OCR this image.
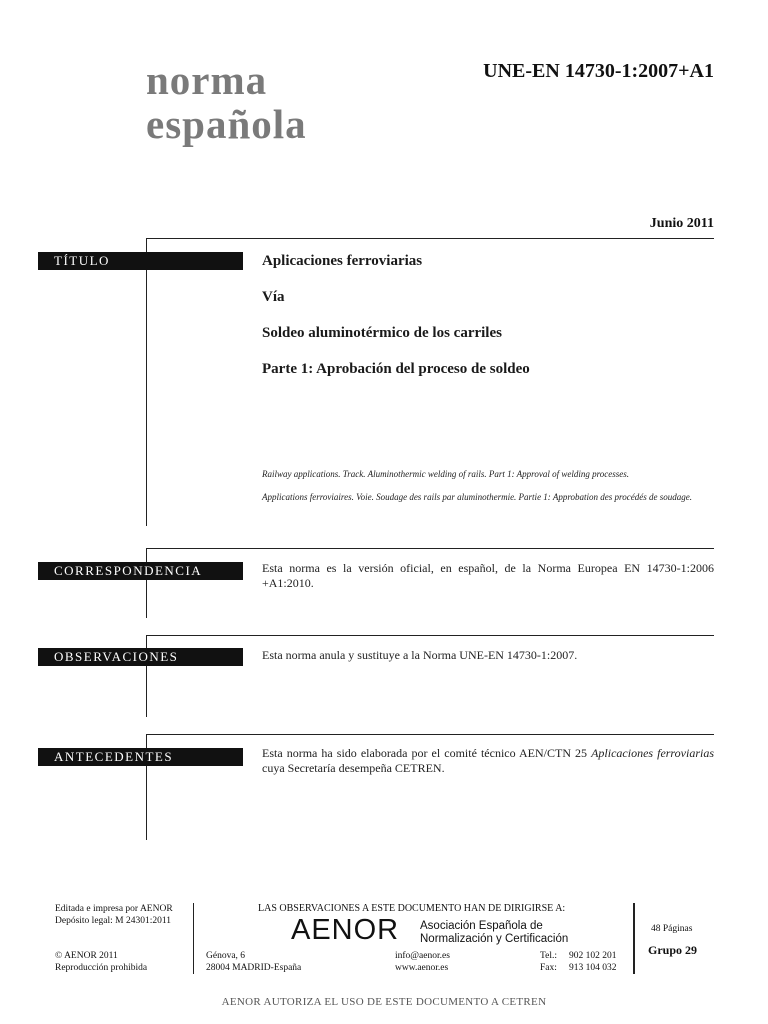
norma
española
UNE-EN 14730-1:2007+A1
Junio 2011
TÍTULO	Aplicaciones ferroviarias
Vía
Soldeo aluminotérmico de los carriles
Parte 1: Aprobación del proceso de soldeo
Railway applications. Track. Aluminothermic welding of rails. Part 1: Approval of welding processes.
Applications ferroviaires. Voie. Soudage des rails par aluminothermie. Partie 1: Approbation des procédés de soudage.
CORRESPONDENCIA	Esta norma es la versión oficial, en español, de la Norma Europea EN 14730-1:2006 +A1:2010.
OBSERVACIONES	Esta norma anula y sustituye a la Norma UNE-EN 14730-1:2007.
ANTECEDENTES	Esta norma ha sido elaborada por el comité técnico AEN/CTN 25 Aplicaciones ferroviarias cuya Secretaría desempeña CETREN.
Editada e impresa por AENOR
Depósito legal: M 24301:2011
© AENOR 2011
Reproducción prohibida
LAS OBSERVACIONES A ESTE DOCUMENTO HAN DE DIRIGIRSE A:
AENOR Asociación Española de
Normalización y Certificación
Génova, 6
28004 MADRID-España
info@aenor.es
www.aenor.es
Tel.: 902 102 201
Fax: 913 104 032
48 Páginas
Grupo 29
AENOR AUTORIZA EL USO DE ESTE DOCUMENTO A CETREN
